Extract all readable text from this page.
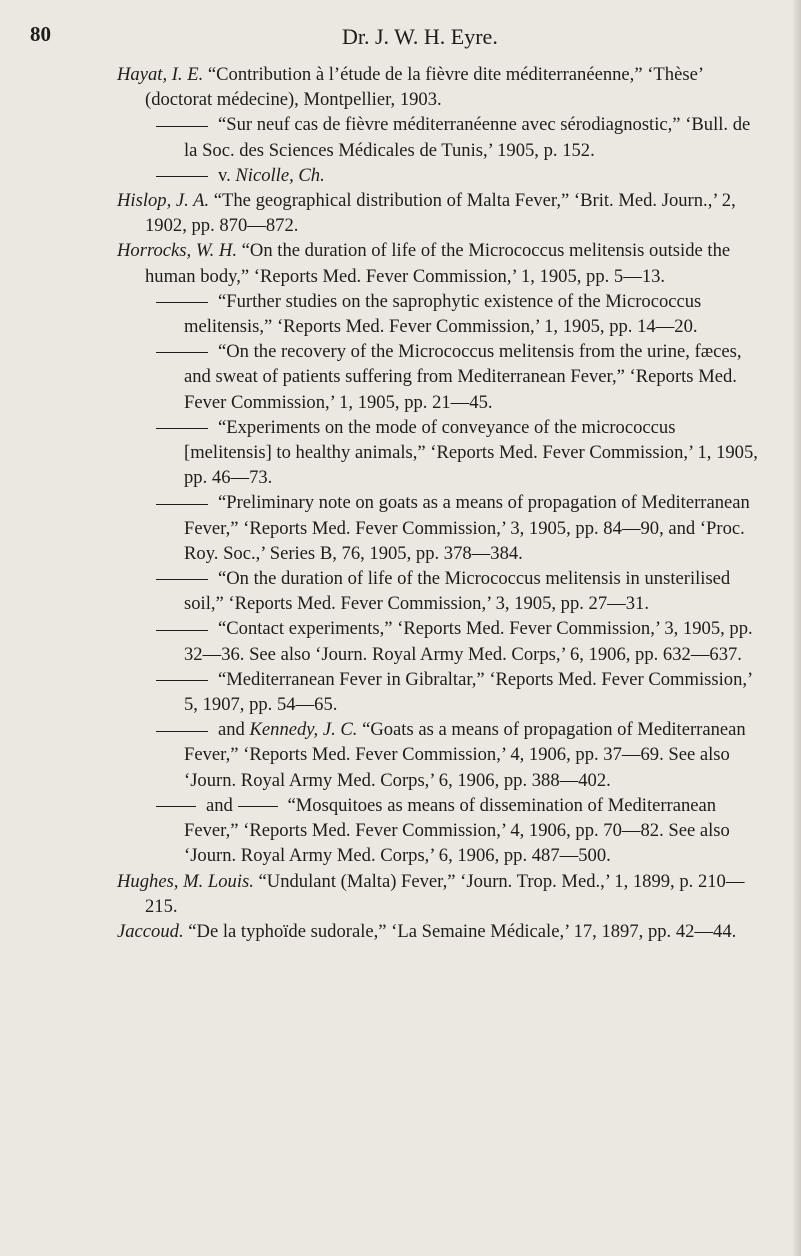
80	Dr. J. W. H. Eyre.

Hayat, I. E. “Contribution à l’étude de la fièvre dite méditerranéenne,” ‘Thèse’ (doctorat médecine), Montpellier, 1903.

“Sur neuf cas de fièvre méditerranéenne avec sérodiagnostic,” ‘Bull. de la Soc. des Sciences Médicales de Tunis,’ 1905, p. 152.

v. Nicolle, Ch.

Hislop, J. A. “The geographical distribution of Malta Fever,” ‘Brit. Med. Journ.,’ 2, 1902, pp. 870—872.

Horrocks, W. H. “On the duration of life of the Micrococcus melitensis outside the human body,” ‘Reports Med. Fever Commission,’ 1, 1905, pp. 5—13.

“Further studies on the saprophytic existence of the Micrococcus melitensis,” ‘Reports Med. Fever Commission,’ 1, 1905, pp. 14—20.

“On the recovery of the Micrococcus melitensis from the urine, fæces, and sweat of patients suffering from Mediterranean Fever,” ‘Reports Med. Fever Commission,’ 1, 1905, pp. 21—45.

“Experiments on the mode of conveyance of the micrococcus [melitensis] to healthy animals,” ‘Reports Med. Fever Commission,’ 1, 1905, pp. 46—73.

“Preliminary note on goats as a means of propagation of Mediterranean Fever,” ‘Reports Med. Fever Commission,’ 3, 1905, pp. 84—90, and ‘Proc. Roy. Soc.,’ Series B, 76, 1905, pp. 378—384.

“On the duration of life of the Micrococcus melitensis in unsterilised soil,” ‘Reports Med. Fever Commission,’ 3, 1905, pp. 27—31.

“Contact experiments,” ‘Reports Med. Fever Commission,’ 3, 1905, pp. 32—36. See also ‘Journ. Royal Army Med. Corps,’ 6, 1906, pp. 632—637.

“Mediterranean Fever in Gibraltar,” ‘Reports Med. Fever Commission,’ 5, 1907, pp. 54—65.

and Kennedy, J. C. “Goats as a means of propagation of Mediterranean Fever,” ‘Reports Med. Fever Commission,’ 4, 1906, pp. 37—69. See also ‘Journ. Royal Army Med. Corps,’ 6, 1906, pp. 388—402.

and	“Mosquitoes as means of dissemination of Mediterranean Fever,” ‘Reports Med. Fever Commission,’ 4, 1906, pp. 70—82. See also ‘Journ. Royal Army Med. Corps,’ 6, 1906, pp. 487—500.

Hughes, M. Louis. “Undulant (Malta) Fever,” ‘Journ. Trop. Med.,’ 1, 1899, p. 210—215.

Jaccoud. “De la typhoïde sudorale,” ‘La Semaine Médicale,’ 17, 1897, pp. 42—44.
